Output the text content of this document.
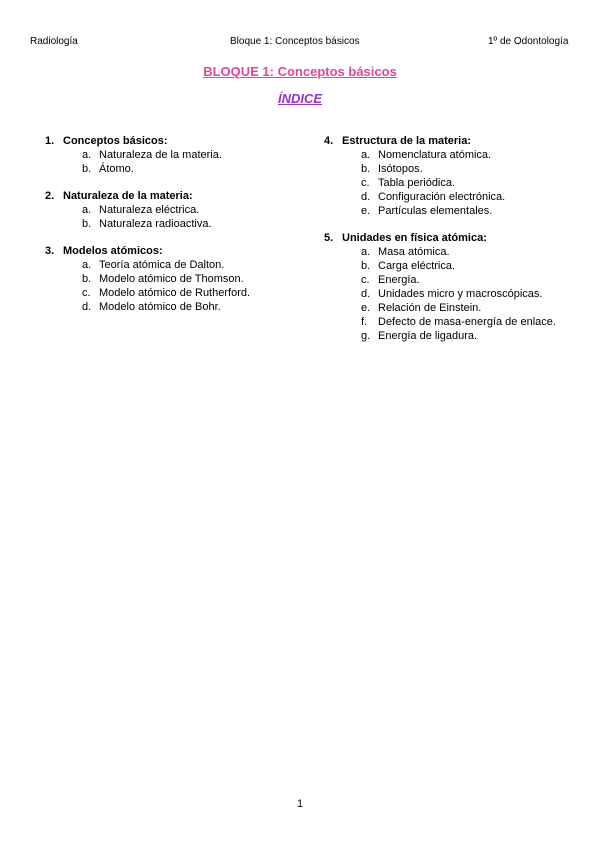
Radiología	Bloque 1: Conceptos básicos	1º de Odontología
BLOQUE 1: Conceptos básicos
ÍNDICE
1. Conceptos básicos:
a. Naturaleza de la materia.
b. Átomo.
2. Naturaleza de la materia:
a. Naturaleza eléctrica.
b. Naturaleza radioactiva.
3. Modelos atómicos:
a. Teoría atómica de Dalton.
b. Modelo atómico de Thomson.
c. Modelo atómico de Rutherford.
d. Modelo atómico de Bohr.
4. Estructura de la materia:
a. Nomenclatura atómica.
b. Isótopos.
c. Tabla periódica.
d. Configuración electrónica.
e. Partículas elementales.
5. Unidades en física atómica:
a. Masa atómica.
b. Carga eléctrica.
c. Energía.
d. Unidades micro y macroscópicas.
e. Relación de Einstein.
f. Defecto de masa-energía de enlace.
g. Energía de ligadura.
1
